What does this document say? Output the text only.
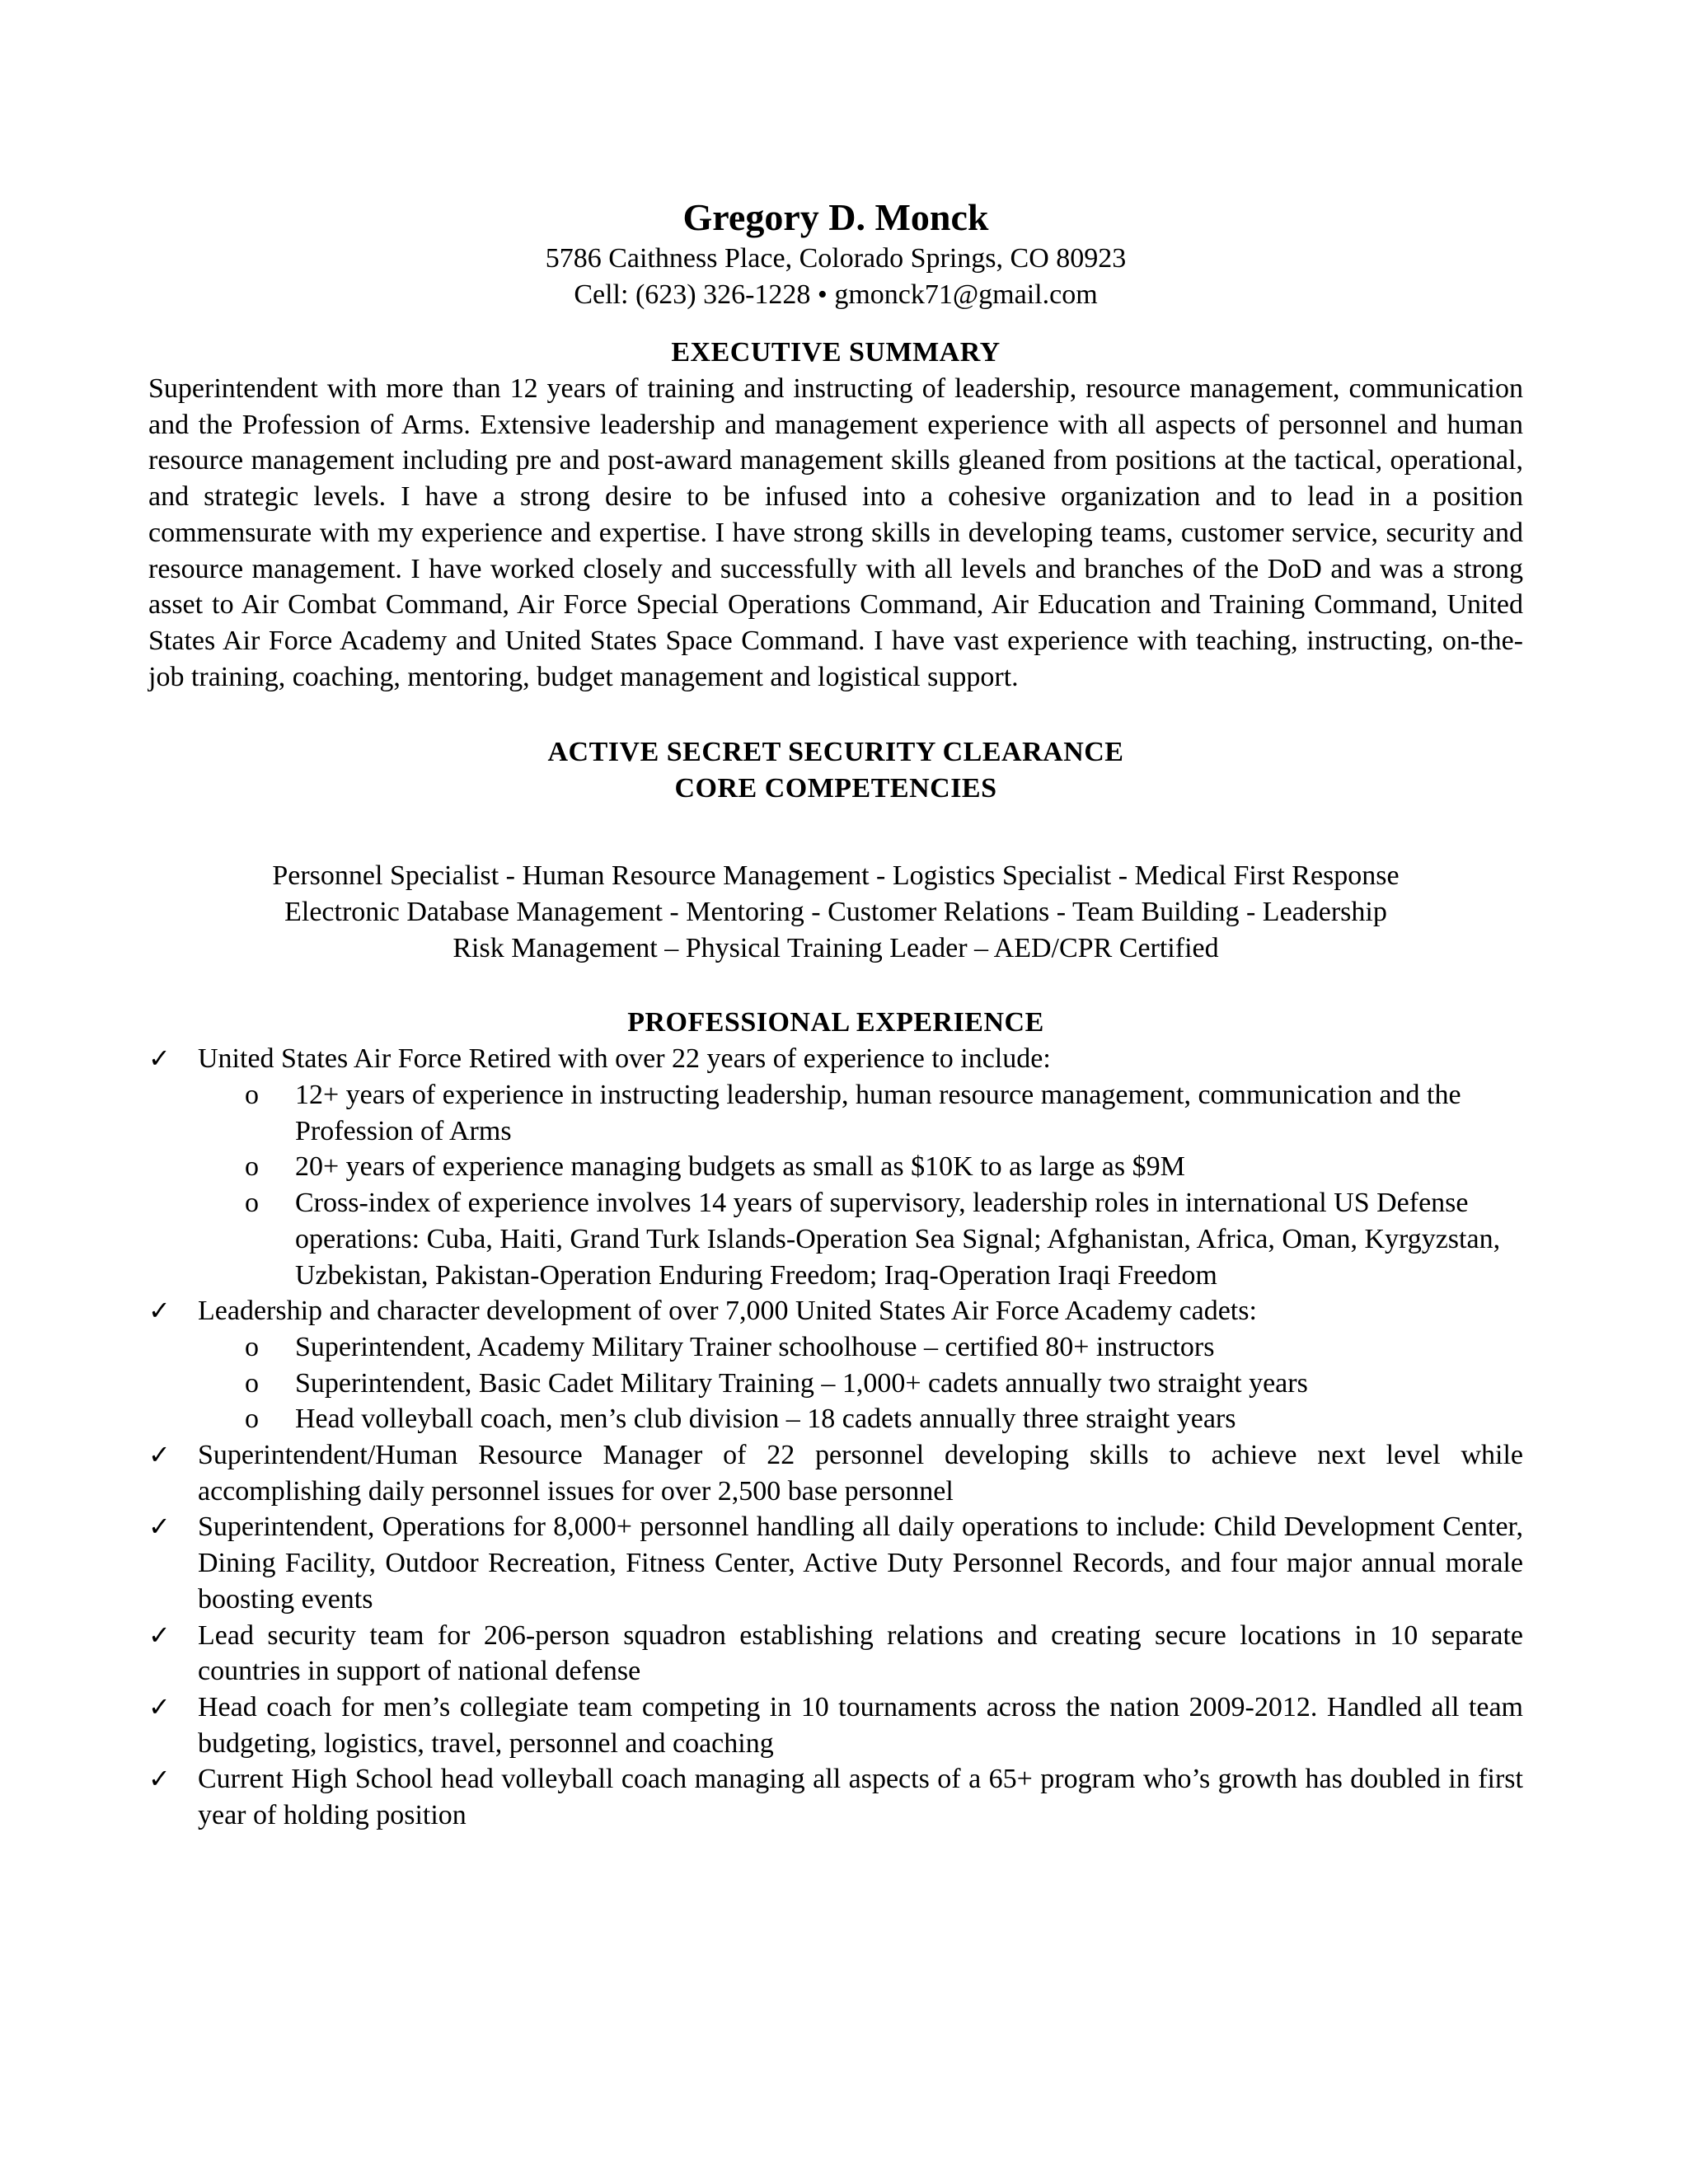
Gregory D. Monck

5786 Caithness Place, Colorado Springs, CO 80923

Cell: (623) 326-1228 • gmonck71@gmail.com

EXECUTIVE SUMMARY

Superintendent with more than 12 years of training and instructing of leadership, resource management, communication and the Profession of Arms. Extensive leadership and management experience with all aspects of personnel and human resource management including pre and post-award management skills gleaned from positions at the tactical, operational, and strategic levels. I have a strong desire to be infused into a cohesive organization and to lead in a position commensurate with my experience and expertise. I have strong skills in developing teams, customer service, security and resource management. I have worked closely and successfully with all levels and branches of the DoD and was a strong asset to Air Combat Command, Air Force Special Operations Command, Air Education and Training Command, United States Air Force Academy and United States Space Command. I have vast experience with teaching, instructing, on-the-job training, coaching, mentoring, budget management and logistical support.

ACTIVE SECRET SECURITY CLEARANCE
CORE COMPETENCIES

Personnel Specialist - Human Resource Management - Logistics Specialist - Medical First Response

Electronic Database Management - Mentoring - Customer Relations - Team Building - Leadership

Risk Management – Physical Training Leader – AED/CPR Certified

PROFESSIONAL EXPERIENCE
✓ United States Air Force Retired with over 22 years of experience to include:
o 12+ years of experience in instructing leadership, human resource management, communication and the Profession of Arms
o 20+ years of experience managing budgets as small as $10K to as large as $9M
o Cross-index of experience involves 14 years of supervisory, leadership roles in international US Defense operations: Cuba, Haiti, Grand Turk Islands-Operation Sea Signal; Afghanistan, Africa, Oman, Kyrgyzstan, Uzbekistan, Pakistan-Operation Enduring Freedom; Iraq-Operation Iraqi Freedom
✓ Leadership and character development of over 7,000 United States Air Force Academy cadets:
o Superintendent, Academy Military Trainer schoolhouse – certified 80+ instructors
o Superintendent, Basic Cadet Military Training – 1,000+ cadets annually two straight years
o Head volleyball coach, men’s club division – 18 cadets annually three straight years
✓ Superintendent/Human Resource Manager of 22 personnel developing skills to achieve next level while accomplishing daily personnel issues for over 2,500 base personnel
✓ Superintendent, Operations for 8,000+ personnel handling all daily operations to include: Child Development Center, Dining Facility, Outdoor Recreation, Fitness Center, Active Duty Personnel Records, and four major annual morale boosting events
✓ Lead security team for 206-person squadron establishing relations and creating secure locations in 10 separate countries in support of national defense
✓ Head coach for men’s collegiate team competing in 10 tournaments across the nation 2009-2012. Handled all team budgeting, logistics, travel, personnel and coaching
✓ Current High School head volleyball coach managing all aspects of a 65+ program who’s growth has doubled in first year of holding position
